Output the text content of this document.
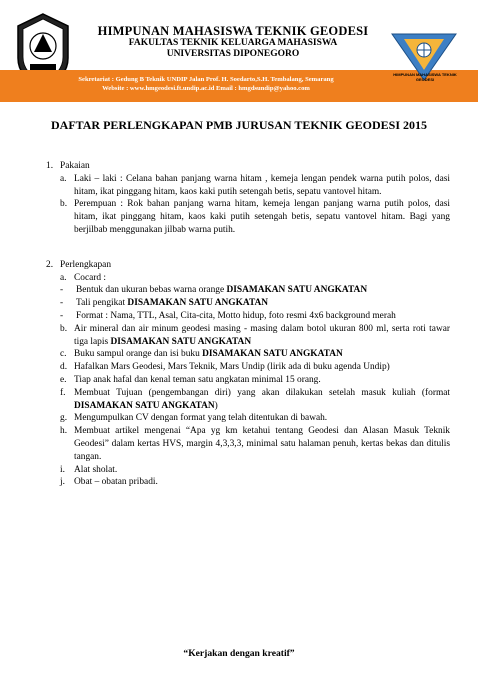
HIMPUNAN MAHASISWA TEKNIK GEODESI
FAKULTAS TEKNIK KELUARGA MAHASISWA
UNIVERSITAS DIPONEGORO
Sekretariat : Gedung B Teknik UNDIP Jalan Prof. H. Soedarto,S.H. Tembalang, Semarang
Website : www.hmgeodesi.ft.undip.ac.id Email : hmgdsundip@yahoo.com
HIMPUNAN MAHASISWA TEKNIK GEODESI
DAFTAR PERLENGKAPAN PMB JURUSAN TEKNIK GEODESI 2015
1. Pakaian
a. Laki – laki : Celana bahan panjang warna hitam , kemeja lengan pendek warna putih polos, dasi hitam, ikat pinggang hitam, kaos kaki putih setengah betis, sepatu vantovel hitam.
b. Perempuan : Rok bahan panjang warna hitam, kemeja lengan panjang warna putih polos, dasi hitam, ikat pinggang hitam, kaos kaki putih setengah betis, sepatu vantovel hitam. Bagi yang berjilbab menggunakan jilbab warna putih.
2. Perlengkapan
a. Cocard :
-	Bentuk dan ukuran bebas warna orange DISAMAKAN SATU ANGKATAN
-	Tali pengikat DISAMAKAN SATU ANGKATAN
-	Format : Nama, TTL, Asal, Cita-cita, Motto hidup, foto resmi 4x6 background merah
b. Air mineral dan air minum geodesi masing - masing dalam botol ukuran 800 ml, serta roti tawar tiga lapis DISAMAKAN SATU ANGKATAN
c. Buku sampul orange dan isi buku DISAMAKAN SATU ANGKATAN
d. Hafalkan Mars Geodesi, Mars Teknik, Mars Undip (lirik ada di buku agenda Undip)
e. Tiap anak hafal dan kenal teman satu angkatan minimal 15 orang.
f. Membuat Tujuan (pengembangan diri) yang akan dilakukan setelah masuk kuliah (format DISAMAKAN SATU ANGKATAN)
g. Mengumpulkan CV dengan format yang telah ditentukan di bawah.
h. Membuat artikel mengenai “Apa yg km ketahui tentang Geodesi dan Alasan Masuk Teknik Geodesi” dalam kertas HVS, margin 4,3,3,3, minimal satu halaman penuh, kertas bekas dan ditulis tangan.
i. Alat sholat.
j. Obat – obatan pribadi.
“Kerjakan dengan kreatif”
